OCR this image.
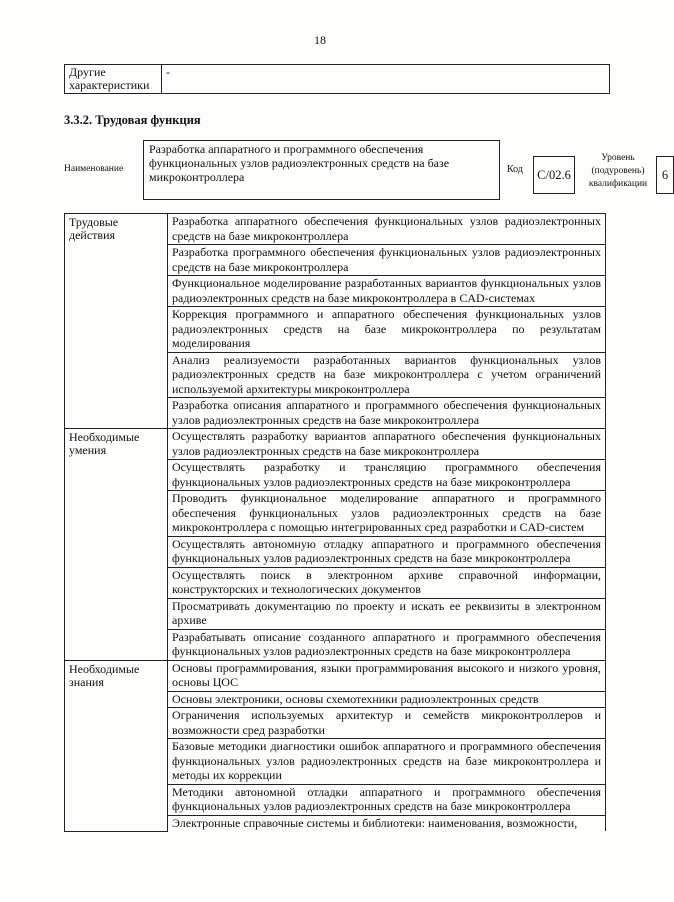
18
Другие характеристики	-
3.3.2. Трудовая функция
Наименование
Разработка аппаратного и программного обеспечения функциональных узлов радиоэлектронных средств на базе микроконтроллера
Код	С/02.6
Уровень (подуровень) квалификации
6
Трудовые действия	Разработка аппаратного обеспечения функциональных узлов радиоэлектронных средств на базе микроконтроллера
	Разработка программного обеспечения функциональных узлов радиоэлектронных средств на базе микроконтроллера
	Функциональное моделирование разработанных вариантов функциональных узлов радиоэлектронных средств на базе микроконтроллера в CAD-системах
	Коррекция программного и аппаратного обеспечения функциональных узлов радиоэлектронных средств на базе микроконтроллера по результатам моделирования
	Анализ реализуемости разработанных вариантов функциональных узлов радиоэлектронных средств на базе микроконтроллера с учетом ограничений используемой архитектуры микроконтроллера
	Разработка описания аппаратного и программного обеспечения функциональных узлов радиоэлектронных средств на базе микроконтроллера
Необходимые умения	Осуществлять разработку вариантов аппаратного обеспечения функциональных узлов радиоэлектронных средств на базе микроконтроллера
	Осуществлять разработку и трансляцию программного обеспечения функциональных узлов радиоэлектронных средств на базе микроконтроллера
	Проводить функциональное моделирование аппаратного и программного обеспечения функциональных узлов радиоэлектронных средств на базе микроконтроллера с помощью интегрированных сред разработки и CAD-систем
	Осуществлять автономную отладку аппаратного и программного обеспечения функциональных узлов радиоэлектронных средств на базе микроконтроллера
	Осуществлять поиск в электронном архиве справочной информации, конструкторских и технологических документов
	Просматривать документацию по проекту и искать ее реквизиты в электронном архиве
	Разрабатывать описание созданного аппаратного и программного обеспечения функциональных узлов радиоэлектронных средств на базе микроконтроллера
Необходимые знания	Основы программирования, языки программирования высокого и низкого уровня, основы ЦОС
	Основы электроники, основы схемотехники радиоэлектронных средств
	Ограничения используемых архитектур и семейств микроконтроллеров и возможности сред разработки
	Базовые методики диагностики ошибок аппаратного и программного обеспечения функциональных узлов радиоэлектронных средств на базе микроконтроллера и методы их коррекции
	Методики автономной отладки аппаратного и программного обеспечения функциональных узлов радиоэлектронных средств на базе микроконтроллера
	Электронные справочные системы и библиотеки: наименования, возможности,
